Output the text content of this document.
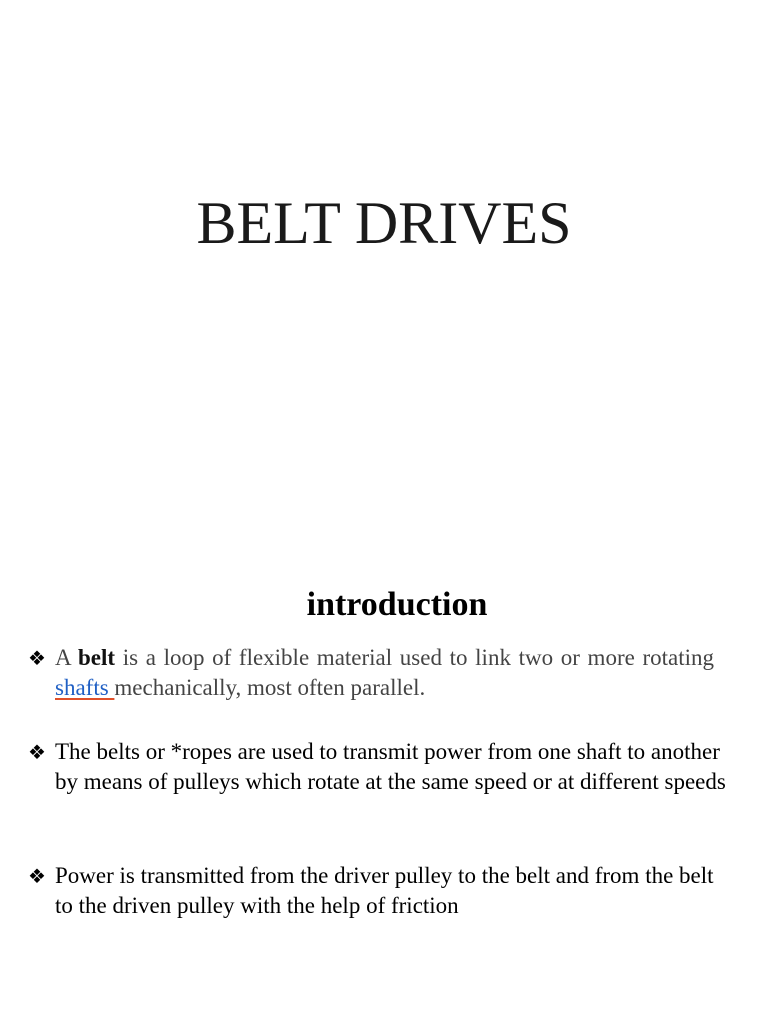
BELT DRIVES
introduction
❖ A belt is a loop of flexible material used to link two or more rotating shafts mechanically, most often parallel.
❖ The belts or *ropes are used to transmit power from one shaft to another by means of pulleys which rotate at the same speed or at different speeds
❖ Power is transmitted from the driver pulley to the belt and from the belt to the driven pulley with the help of friction
